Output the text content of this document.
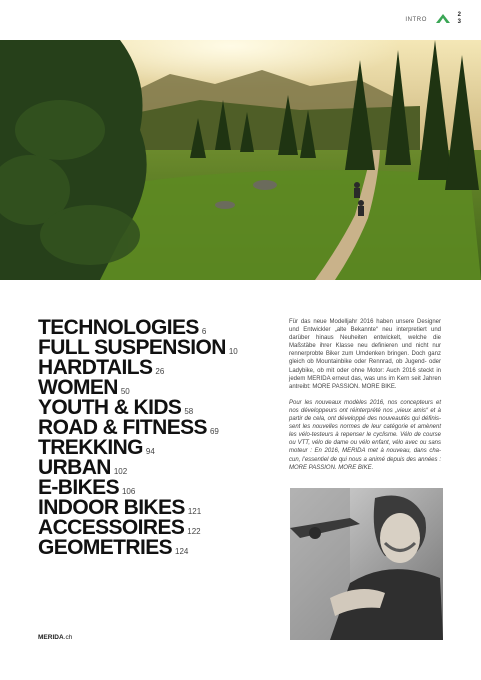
INTRO
2
3
TECHNOLOGIES 6
FULL SUSPENSION 10
HARDTAILS 26
WOMEN 50
YOUTH & KIDS 58
ROAD & FITNESS 69
TREKKING 94
URBAN 102
E-BIKES 106
INDOOR BIKES 121
ACCESSOIRES 122
GEOMETRIES 124

Für das neue Modelljahr 2016 haben unsere Designer und Entwickler „alte Bekannte“ neu interpretiert und darüber hinaus Neuheiten entwickelt, welche die Maßstäbe ihrer Klasse neu definieren und nicht nur rennerprobte Biker zum Umdenken bringen. Doch ganz gleich ob Mountainbike oder Rennrad, ob Jugend- oder Ladybike, ob mit oder ohne Motor: Auch 2016 steckt in jedem MERIDA erneut das, was uns im Kern seit Jahren antreibt: MORE PASSION. MORE BIKE.

Pour les nouveaux modèles 2016, nos concepteurs et nos développeurs ont réinterprété nos „vieux amis“ et à partir de cela, ont développé des nouveautés qui définis-sent les nouvelles normes de leur catégorie et amènent les vélo-testeurs à repenser le cyclisme. Vélo de course ou VTT, vélo de dame ou vélo enfant, vélo avec ou sans moteur : En 2016, MERIDA met à nouveau, dans cha-cun, l’essentiel de qui nous a animé depuis des années : MORE PASSION. MORE BIKE.

MERIDA.ch
